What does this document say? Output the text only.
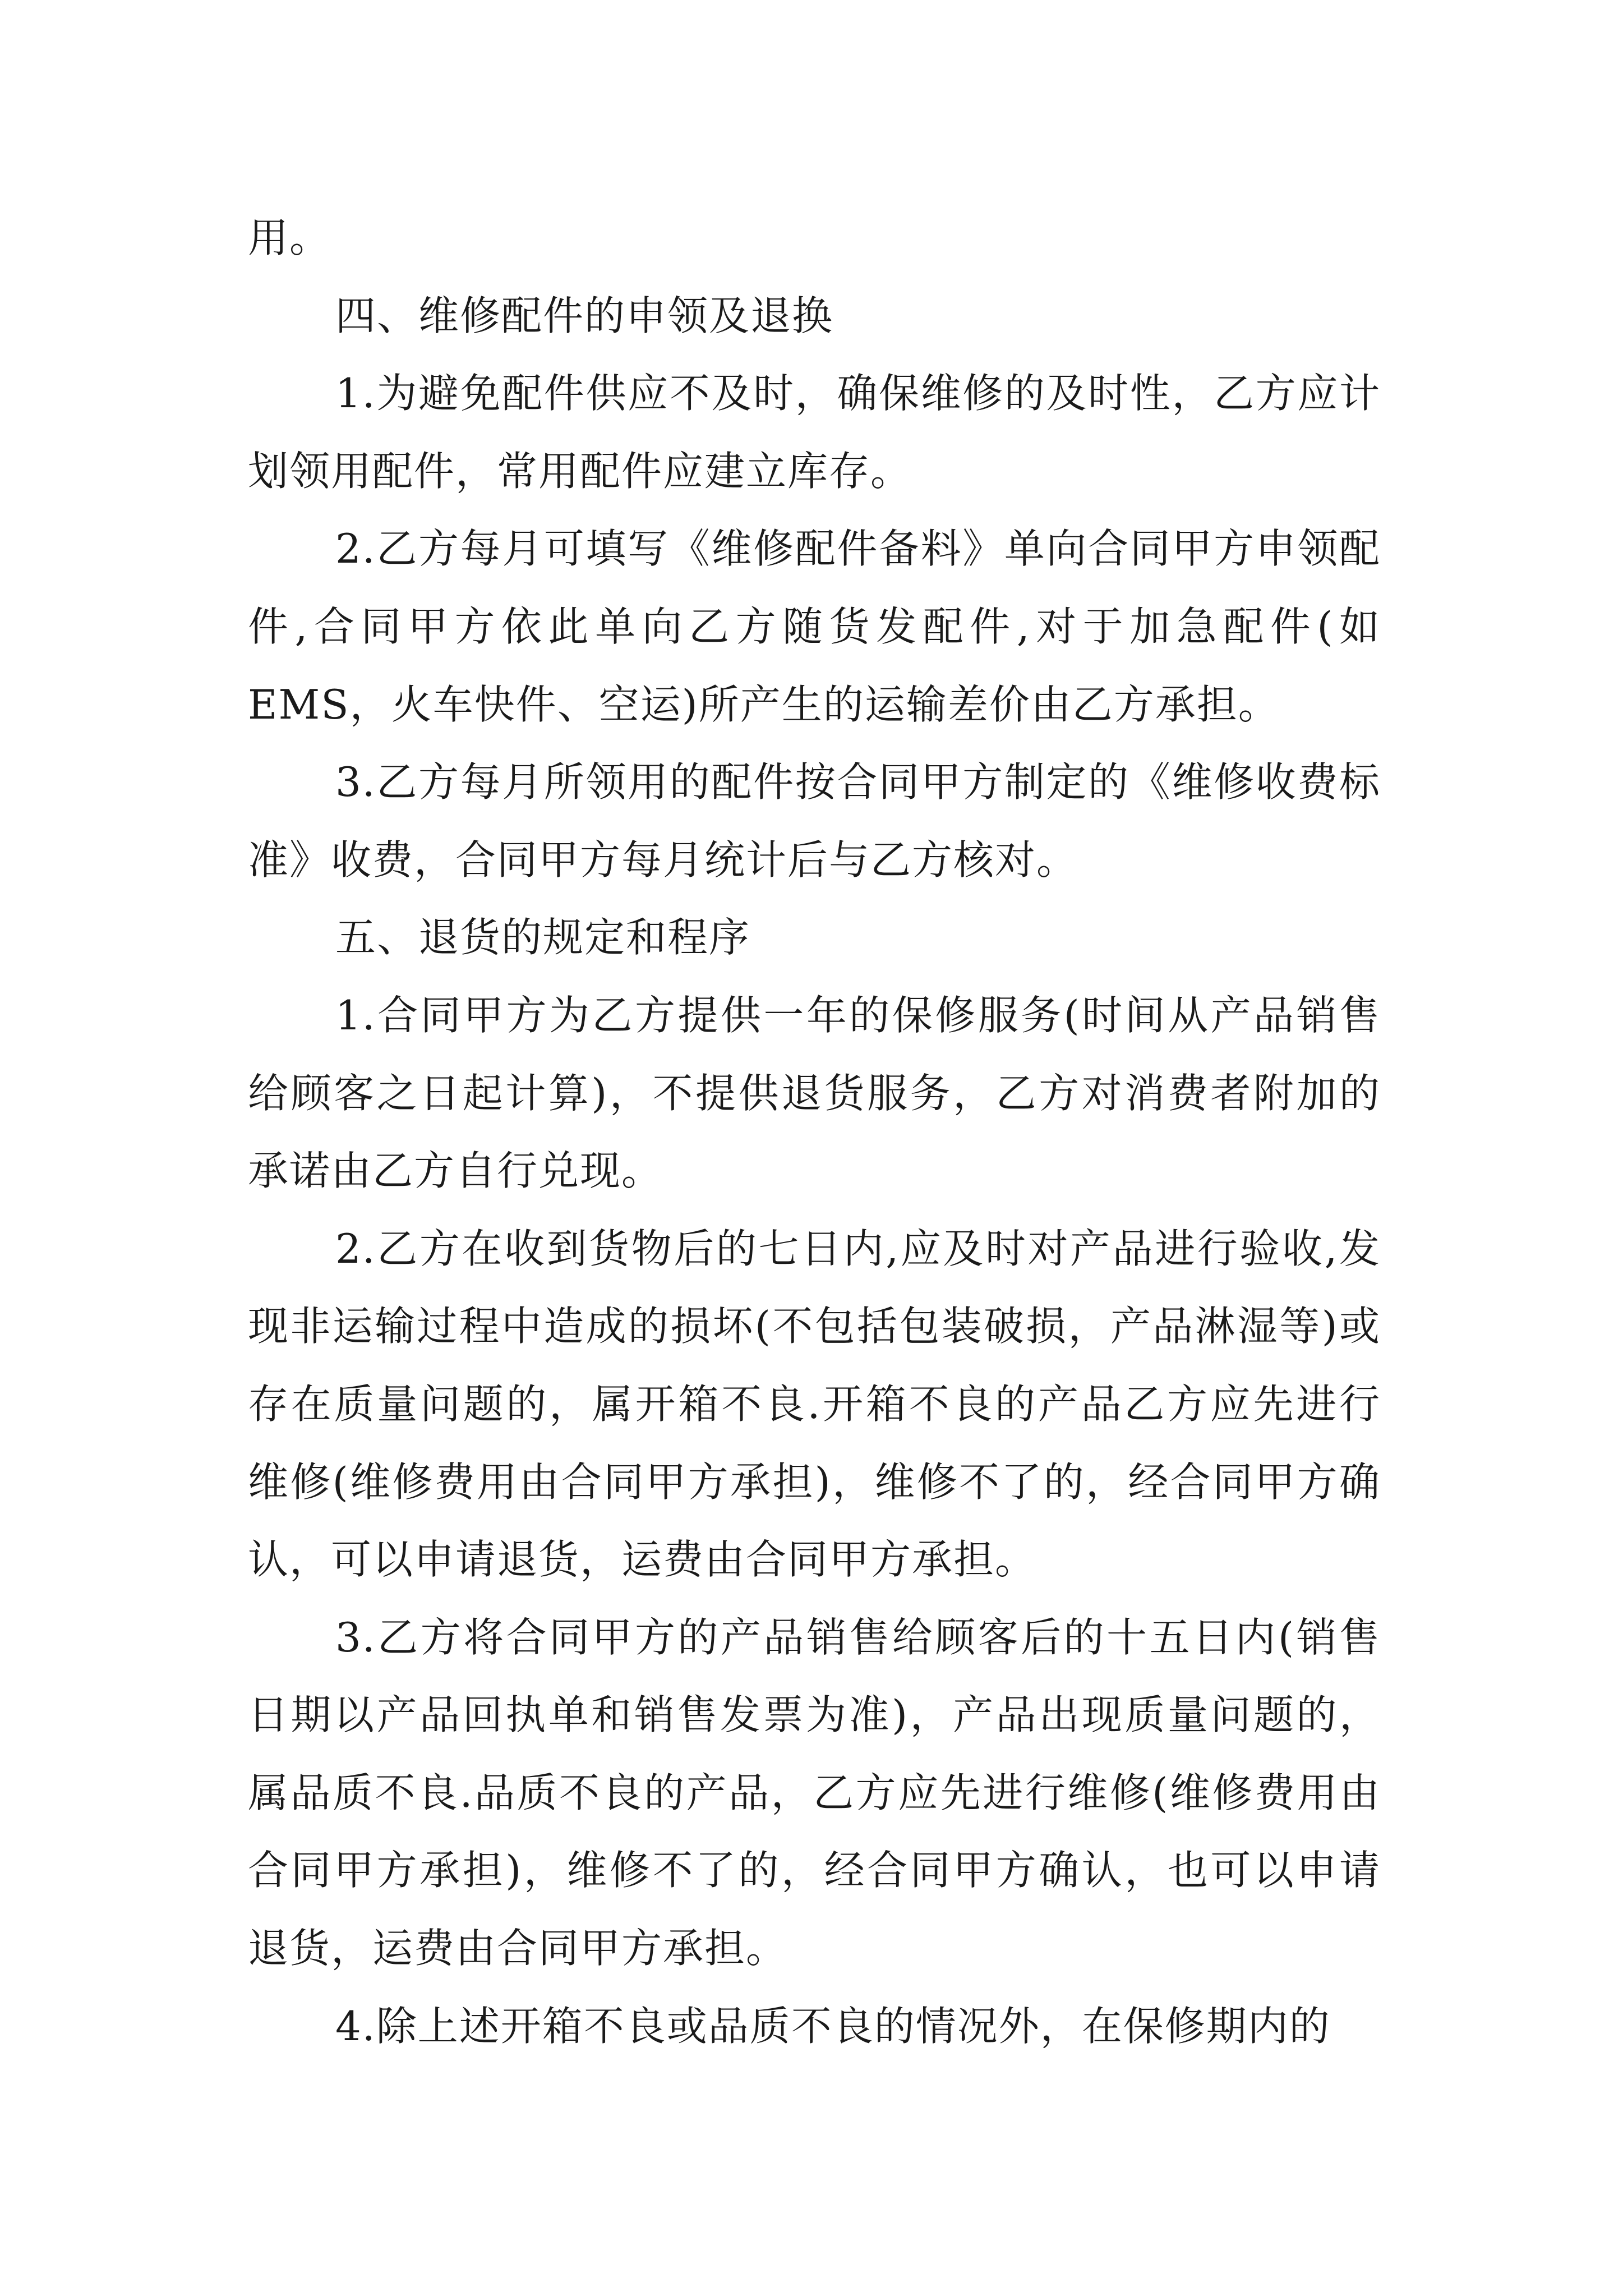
用。

四、维修配件的申领及退换

1.为避免配件供应不及时，确保维修的及时性，乙方应计划领用配件，常用配件应建立库存。

2.乙方每月可填写《维修配件备料》单向合同甲方申领配件,合同甲方依此单向乙方随货发配件,对于加急配件(如EMS，火车快件、空运)所产生的运输差价由乙方承担。

3.乙方每月所领用的配件按合同甲方制定的《维修收费标准》收费，合同甲方每月统计后与乙方核对。

五、退货的规定和程序

1.合同甲方为乙方提供一年的保修服务(时间从产品销售给顾客之日起计算)，不提供退货服务，乙方对消费者附加的承诺由乙方自行兑现。

2.乙方在收到货物后的七日内,应及时对产品进行验收,发现非运输过程中造成的损坏(不包括包装破损，产品淋湿等)或存在质量问题的，属开箱不良.开箱不良的产品乙方应先进行维修(维修费用由合同甲方承担)，维修不了的，经合同甲方确认，可以申请退货，运费由合同甲方承担。

3.乙方将合同甲方的产品销售给顾客后的十五日内(销售日期以产品回执单和销售发票为准)，产品出现质量问题的，属品质不良.品质不良的产品，乙方应先进行维修(维修费用由合同甲方承担)，维修不了的，经合同甲方确认，也可以申请退货，运费由合同甲方承担。

4.除上述开箱不良或品质不良的情况外，在保修期内的
